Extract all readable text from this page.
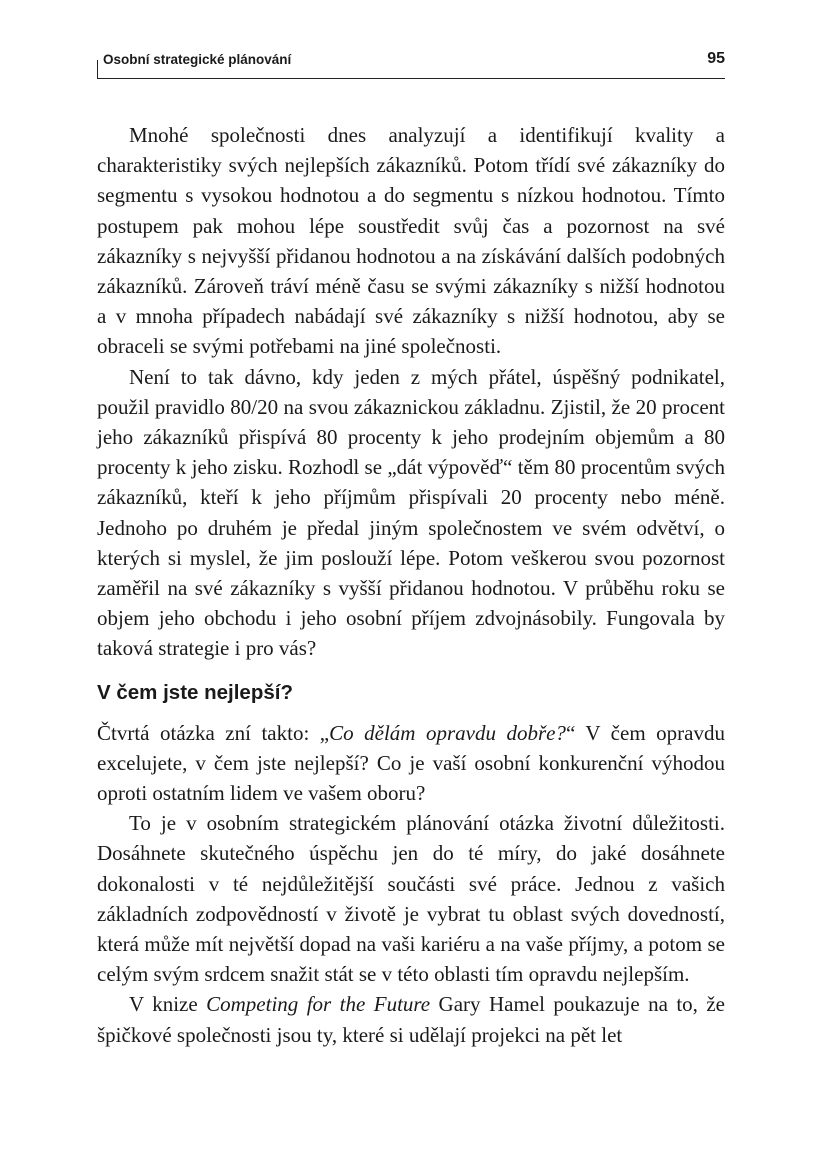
Osobní strategické plánování	95

Mnohé společnosti dnes analyzují a identifikují kvality a charakteristiky svých nejlepších zákazníků. Potom třídí své zákazníky do segmentu s vysokou hodnotou a do segmentu s nízkou hodnotou. Tímto postupem pak mohou lépe soustředit svůj čas a pozornost na své zákazníky s nejvyšší přidanou hodnotou a na získávání dalších podobných zákazníků. Zároveň tráví méně času se svými zákazníky s nižší hodnotou a v mnoha případech nabádají své zákazníky s nižší hodnotou, aby se obraceli se svými potřebami na jiné společnosti.

Není to tak dávno, kdy jeden z mých přátel, úspěšný podnikatel, použil pravidlo 80/20 na svou zákaznickou základnu. Zjistil, že 20 procent jeho zákazníků přispívá 80 procenty k jeho prodejním objemům a 80 procenty k jeho zisku. Rozhodl se „dát výpověď“ těm 80 procentům svých zákazníků, kteří k jeho příjmům přispívali 20 procenty nebo méně. Jednoho po druhém je předal jiným společnostem ve svém odvětví, o kterých si myslel, že jim poslouží lépe. Potom veškerou svou pozornost zaměřil na své zákazníky s vyšší přidanou hodnotou. V průběhu roku se objem jeho obchodu i jeho osobní příjem zdvojnásobily. Fungovala by taková strategie i pro vás?

V čem jste nejlepší?

Čtvrtá otázka zní takto: „Co dělám opravdu dobře?“ V čem opravdu excelujete, v čem jste nejlepší? Co je vaší osobní konkurenční výhodou oproti ostatním lidem ve vašem oboru?

To je v osobním strategickém plánování otázka životní důležitosti. Dosáhnete skutečného úspěchu jen do té míry, do jaké dosáhnete dokonalosti v té nejdůležitější součásti své práce. Jednou z vašich základních zodpovědností v životě je vybrat tu oblast svých dovedností, která může mít největší dopad na vaši kariéru a na vaše příjmy, a potom se celým svým srdcem snažit stát se v této oblasti tím opravdu nejlepším.

V knize Competing for the Future Gary Hamel poukazuje na to, že špičkové společnosti jsou ty, které si udělají projekci na pět let
